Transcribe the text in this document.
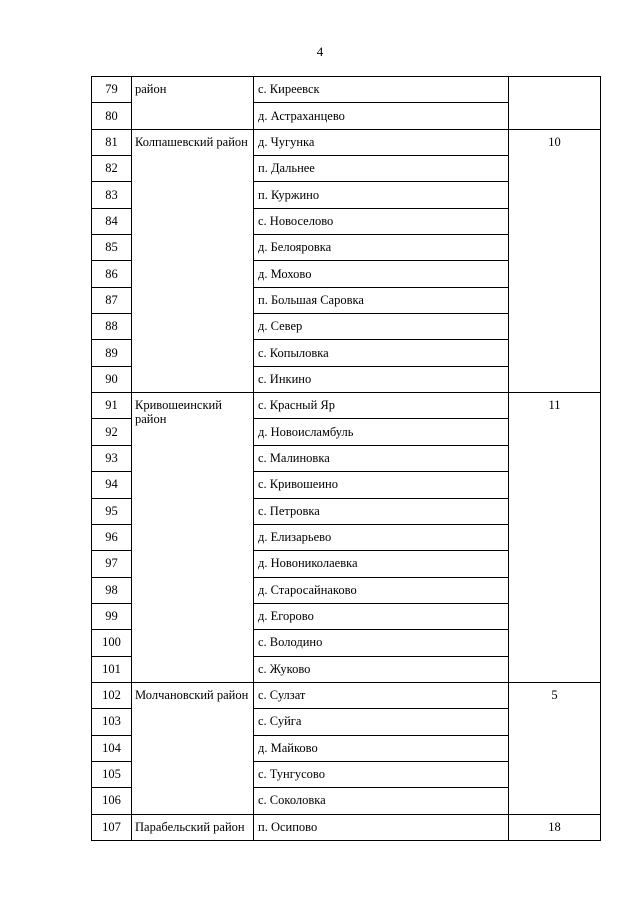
4
79	район	с. Киреевск	
80		д. Астраханцево	
81	Колпашевский район	д. Чугунка	10
82		п. Дальнее	
83		п. Куржино	
84		с. Новоселово	
85		д. Белояровка	
86		д. Мохово	
87		п. Большая Саровка	
88		д. Север	
89		с. Копыловка	
90		с. Инкино	
91	Кривошеинский район	с. Красный Яр	11
92		д. Новоисламбуль	
93		с. Малиновка	
94		с. Кривошеино	
95		с. Петровка	
96		д. Елизарьево	
97		д. Новониколаевка	
98		д. Старосайнаково	
99		д. Егорово	
100		с. Володино	
101		с. Жуково	
102	Молчановский район	с. Сулзат	5
103		с. Суйга	
104		д. Майково	
105		с. Тунгусово	
106		с. Соколовка	
107	Парабельский район	п. Осипово	18
